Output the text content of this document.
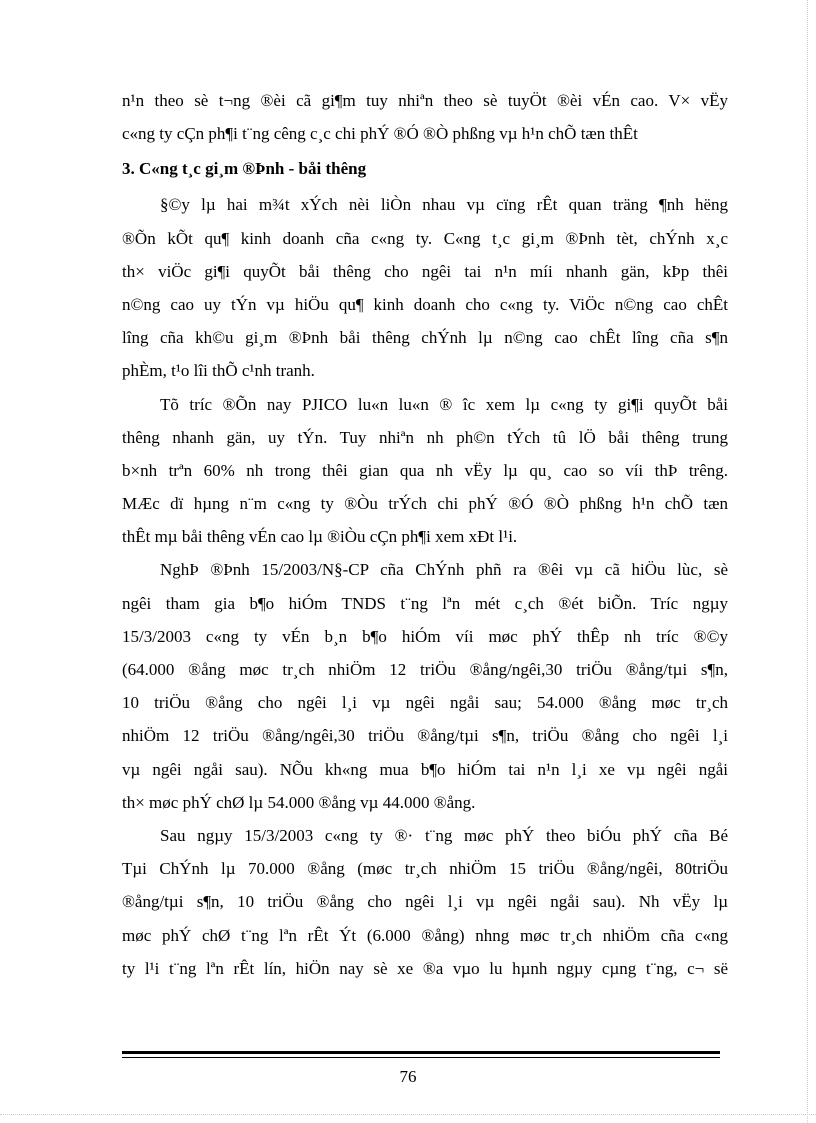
n¹n theo sè t¬ng ®èi cã gi¶m tuy nhiªn theo sè tuyÖt ®èi vÉn cao. V× vËy
c«ng ty cÇn ph¶i t¨ng cêng c¸c chi phÝ ®Ó ®Ò phßng vµ h¹n chÕ tæn thÊt
3. C«ng t¸c gi¸m ®Þnh - båi thêng
§©y lµ hai m¾t xÝch nèi liÒn nhau vµ cïng rÊt quan träng ¶nh hëng
®Õn kÕt qu¶ kinh doanh cña c«ng ty. C«ng t¸c gi¸m ®Þnh tèt, chÝnh x¸c
th× viÖc gi¶i quyÕt båi thêng cho ngêi tai n¹n míi nhanh gän, kÞp thêi
n©ng cao uy tÝn vµ hiÖu qu¶ kinh doanh cho c«ng ty. ViÖc n©ng cao chÊt
lîng cña kh©u gi¸m ®Þnh båi thêng chÝnh lµ n©ng cao chÊt lîng cña s¶n
phÈm, t¹o lîi thÕ c¹nh tranh.
Tõ tríc ®Õn nay PJICO lu«n lu«n ® îc xem lµ c«ng ty gi¶i quyÕt båi
thêng nhanh gän, uy tÝn. Tuy nhiªn nh ph©n tÝch tû lÖ båi thêng trung
b×nh trªn 60% nh trong thêi gian qua nh vËy lµ qu¸ cao so víi thÞ trêng.
MÆc dï hµng n¨m c«ng ty ®Òu trÝch chi phÝ ®Ó ®Ò phßng h¹n chÕ tæn
thÊt mµ båi thêng vÉn cao lµ ®iÒu cÇn ph¶i xem xÐt l¹i.
NghÞ ®Þnh 15/2003/N§-CP cña ChÝnh phñ ra ®êi vµ cã hiÖu lùc, sè
ngêi tham gia b¶o hiÓm TNDS t¨ng lªn mét c¸ch ®ét biÕn. Tríc ngµy
15/3/2003 c«ng ty vÉn b¸n b¶o hiÓm víi møc phÝ thÊp nh tríc ®©y
(64.000 ®ång møc tr¸ch nhiÖm 12 triÖu ®ång/ngêi,30 triÖu ®ång/tµi s¶n,
10 triÖu ®ång cho ngêi l¸i vµ ngêi ngåi sau; 54.000 ®ång møc tr¸ch
nhiÖm 12 triÖu ®ång/ngêi,30 triÖu ®ång/tµi s¶n, triÖu ®ång cho ngêi l¸i
vµ ngêi ngåi sau). NÕu kh«ng mua b¶o hiÓm tai n¹n l¸i xe vµ ngêi ngåi
th× møc phÝ chØ lµ 54.000 ®ång vµ 44.000 ®ång.
Sau ngµy 15/3/2003 c«ng ty ®· t¨ng møc phÝ theo biÓu phÝ cña Bé
Tµi ChÝnh lµ 70.000 ®ång (møc tr¸ch nhiÖm 15 triÖu ®ång/ngêi, 80triÖu
®ång/tµi s¶n, 10 triÖu ®ång cho ngêi l¸i vµ ngêi ngåi sau). Nh vËy lµ
møc phÝ chØ t¨ng lªn rÊt Ýt (6.000 ®ång) nhng møc tr¸ch nhiÖm cña c«ng
ty l¹i t¨ng lªn rÊt lín, hiÖn nay sè xe ®a vµo lu hµnh ngµy cµng t¨ng, c¬ së
76
